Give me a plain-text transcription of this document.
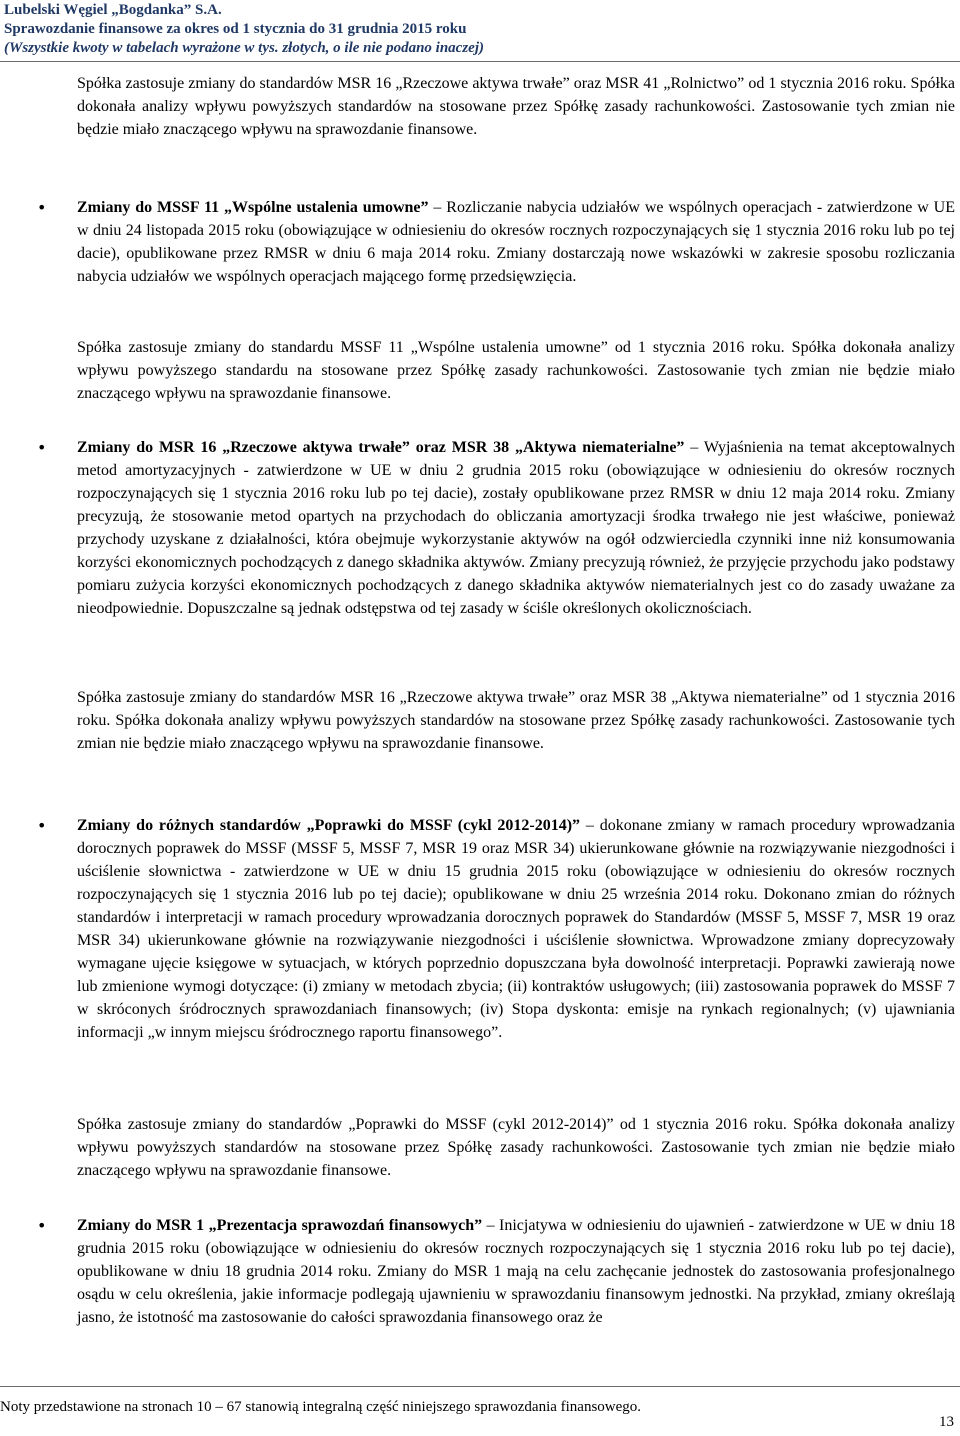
Lubelski Węgiel „Bogdanka” S.A.
Sprawozdanie finansowe za okres od 1 stycznia do 31 grudnia 2015 roku
(Wszystkie kwoty w tabelach wyrażone w tys. złotych, o ile nie podano inaczej)
Spółka zastosuje zmiany do standardów MSR 16 „Rzeczowe aktywa trwałe” oraz MSR 41 „Rolnictwo” od 1 stycznia 2016 roku. Spółka dokonała analizy wpływu powyższych standardów na stosowane przez Spółkę zasady rachunkowości. Zastosowanie tych zmian nie będzie miało znaczącego wpływu na sprawozdanie finansowe.
• Zmiany do MSSF 11 „Wspólne ustalenia umowne” – Rozliczanie nabycia udziałów we wspólnych operacjach - zatwierdzone w UE w dniu 24 listopada 2015 roku (obowiązujące w odniesieniu do okresów rocznych rozpoczynających się 1 stycznia 2016 roku lub po tej dacie), opublikowane przez RMSR w dniu 6 maja 2014 roku. Zmiany dostarczają nowe wskazówki w zakresie sposobu rozliczania nabycia udziałów we wspólnych operacjach mającego formę przedsięwzięcia.
Spółka zastosuje zmiany do standardu MSSF 11 „Wspólne ustalenia umowne” od 1 stycznia 2016 roku. Spółka dokonała analizy wpływu powyższego standardu na stosowane przez Spółkę zasady rachunkowości. Zastosowanie tych zmian nie będzie miało znaczącego wpływu na sprawozdanie finansowe.
• Zmiany do MSR 16 „Rzeczowe aktywa trwałe” oraz MSR 38 „Aktywa niematerialne” – Wyjaśnienia na temat akceptowalnych metod amortyzacyjnych - zatwierdzone w UE w dniu 2 grudnia 2015 roku (obowiązujące w odniesieniu do okresów rocznych rozpoczynających się 1 stycznia 2016 roku lub po tej dacie), zostały opublikowane przez RMSR w dniu 12 maja 2014 roku. Zmiany precyzują, że stosowanie metod opartych na przychodach do obliczania amortyzacji środka trwałego nie jest właściwe, ponieważ przychody uzyskane z działalności, która obejmuje wykorzystanie aktywów na ogół odzwierciedla czynniki inne niż konsumowania korzyści ekonomicznych pochodzących z danego składnika aktywów. Zmiany precyzują również, że przyjęcie przychodu jako podstawy pomiaru zużycia korzyści ekonomicznych pochodzących z danego składnika aktywów niematerialnych jest co do zasady uważane za nieodpowiednie. Dopuszczalne są jednak odstępstwa od tej zasady w ściśle określonych okolicznościach.
Spółka zastosuje zmiany do standardów MSR 16 „Rzeczowe aktywa trwałe” oraz MSR 38 „Aktywa niematerialne” od 1 stycznia 2016 roku. Spółka dokonała analizy wpływu powyższych standardów na stosowane przez Spółkę zasady rachunkowości. Zastosowanie tych zmian nie będzie miało znaczącego wpływu na sprawozdanie finansowe.
• Zmiany do różnych standardów „Poprawki do MSSF (cykl 2012-2014)” – dokonane zmiany w ramach procedury wprowadzania dorocznych poprawek do MSSF (MSSF 5, MSSF 7, MSR 19 oraz MSR 34) ukierunkowane głównie na rozwiązywanie niezgodności i uściślenie słownictwa - zatwierdzone w UE w dniu 15 grudnia 2015 roku (obowiązujące w odniesieniu do okresów rocznych rozpoczynających się 1 stycznia 2016 lub po tej dacie); opublikowane w dniu 25 września 2014 roku. Dokonano zmian do różnych standardów i interpretacji w ramach procedury wprowadzania dorocznych poprawek do Standardów (MSSF 5, MSSF 7, MSR 19 oraz MSR 34) ukierunkowane głównie na rozwiązywanie niezgodności i uściślenie słownictwa. Wprowadzone zmiany doprecyzowały wymagane ujęcie księgowe w sytuacjach, w których poprzednio dopuszczana była dowolność interpretacji. Poprawki zawierają nowe lub zmienione wymogi dotyczące: (i) zmiany w metodach zbycia; (ii) kontraktów usługowych; (iii) zastosowania poprawek do MSSF 7 w skróconych śródrocznych sprawozdaniach finansowych; (iv) Stopa dyskonta: emisje na rynkach regionalnych; (v) ujawniania informacji „w innym miejscu śródrocznego raportu finansowego”.
Spółka zastosuje zmiany do standardów „Poprawki do MSSF (cykl 2012-2014)” od 1 stycznia 2016 roku. Spółka dokonała analizy wpływu powyższych standardów na stosowane przez Spółkę zasady rachunkowości. Zastosowanie tych zmian nie będzie miało znaczącego wpływu na sprawozdanie finansowe.
• Zmiany do MSR 1 „Prezentacja sprawozdań finansowych” – Inicjatywa w odniesieniu do ujawnień - zatwierdzone w UE w dniu 18 grudnia 2015 roku (obowiązujące w odniesieniu do okresów rocznych rozpoczynających się 1 stycznia 2016 roku lub po tej dacie), opublikowane w dniu 18 grudnia 2014 roku. Zmiany do MSR 1 mają na celu zachęcanie jednostek do zastosowania profesjonalnego osądu w celu określenia, jakie informacje podlegają ujawnieniu w sprawozdaniu finansowym jednostki. Na przykład, zmiany określają jasno, że istotność ma zastosowanie do całości sprawozdania finansowego oraz że
Noty przedstawione na stronach 10 – 67 stanowią integralną część niniejszego sprawozdania finansowego.
13
